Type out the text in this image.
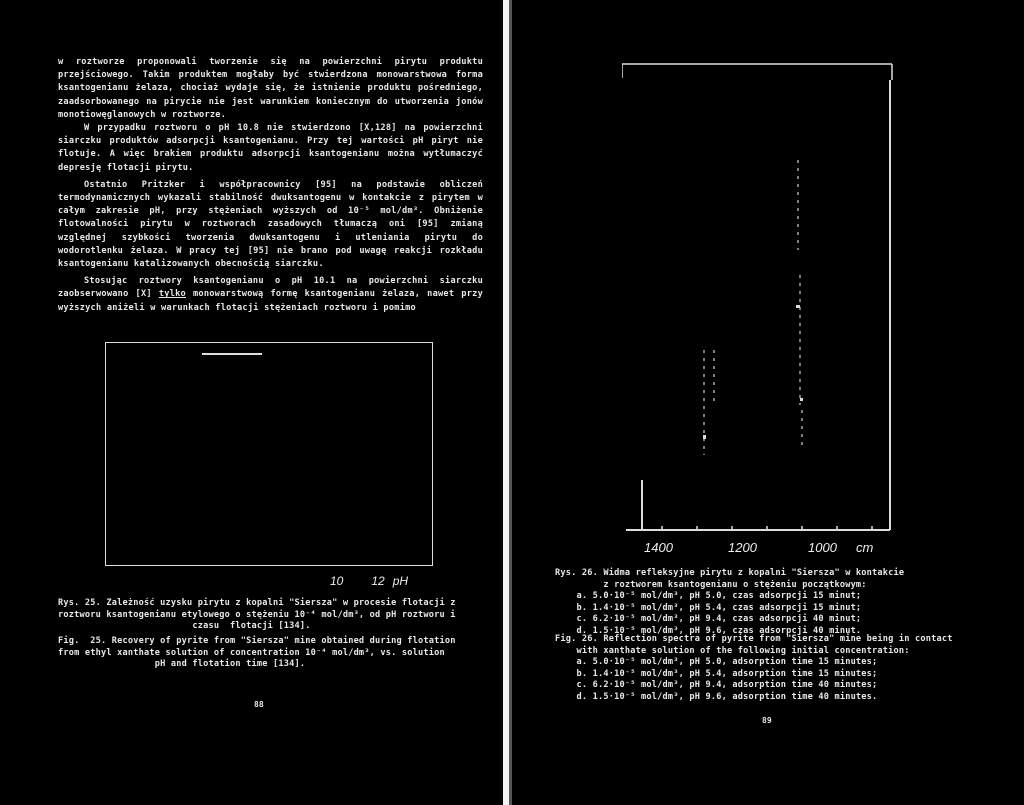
w roztworze proponowali tworzenie się na powierzchni pirytu produktu przejściowego. Takim produktem mogłaby być stwierdzona monowarstwowa forma ksantogenianu żelaza, chociaż wydaje się, że istnienie produktu pośredniego, zaadsorbowanego na pirycie nie jest warunkiem koniecznym do utworzenia jonów monotiowęglanowych w roztworze.

W przypadku roztworu o pH 10.8 nie stwierdzono [X,128] na powierzchni siarczku produktów adsorpcji ksantogenianu. Przy tej wartości pH piryt nie flotuje. A więc brakiem produktu adsorpcji ksantogenianu można wytłumaczyć depresję flotacji pirytu.

Ostatnio Pritzker i współpracownicy [95] na podstawie obliczeń termodynamicznych wykazali stabilność dwuksantogenu w kontakcie z pirytem w całym zakresie pH, przy stężeniach wyższych od 10⁻⁵ mol/dm³. Obniżenie flotowalności pirytu w roztworach zasadowych tłumaczą oni [95] zmianą względnej szybkości tworzenia dwuksantogenu i utleniania pirytu do wodorotlenku żelaza. W pracy tej [95] nie brano pod uwagę reakcji rozkładu ksantogenianu katalizowanych obecnością siarczku.

Stosując roztwory ksantogenianu o pH 10.1 na powierzchni siarczku zaobserwowano [X] tylko monowarstwową formę ksantogenianu żelaza, nawet przy wyższych aniżeli w warunkach flotacji stężeniach roztworu i pomimo

10 12 pH
Rys. 25. Zależność uzysku pirytu z kopalni "Siersza" w procesie flotacji z
roztworu ksantogenianu etylowego o stężeniu 10⁻⁴ mol/dm³, od pH roztworu i
czasu  flotacji [134].
Fig.  25. Recovery of pyrite from "Siersza" mine obtained during flotation
from ethyl xanthate solution of concentration 10⁻⁴ mol/dm³, vs. solution
pH and flotation time [134].
88
1400	1200	1000 cm
Rys. 26. Widma refleksyjne pirytu z kopalni "Siersza" w kontakcie
z roztworem ksantogenianu o stężeniu początkowym:
a. 5.0·10⁻⁵ mol/dm³, pH 5.0, czas adsorpcji 15 minut;
b. 1.4·10⁻⁵ mol/dm³, pH 5.4, czas adsorpcji 15 minut;
c. 6.2·10⁻⁵ mol/dm³, pH 9.4, czas adsorpcji 40 minut;
d. 1.5·10⁻⁵ mol/dm³, pH 9.6, czas adsorpcji 40 minut.
Fig. 26. Reflection spectra of pyrite from "Siersza" mine being in contact
with xanthate solution of the following initial concentration:
a. 5.0·10⁻⁵ mol/dm³, pH 5.0, adsorption time 15 minutes;
b. 1.4·10⁻⁵ mol/dm³, pH 5.4, adsorption time 15 minutes;
c. 6.2·10⁻⁵ mol/dm³, pH 9.4, adsorption time 40 minutes;
d. 1.5·10⁻⁵ mol/dm³, pH 9.6, adsorption time 40 minutes.
89
